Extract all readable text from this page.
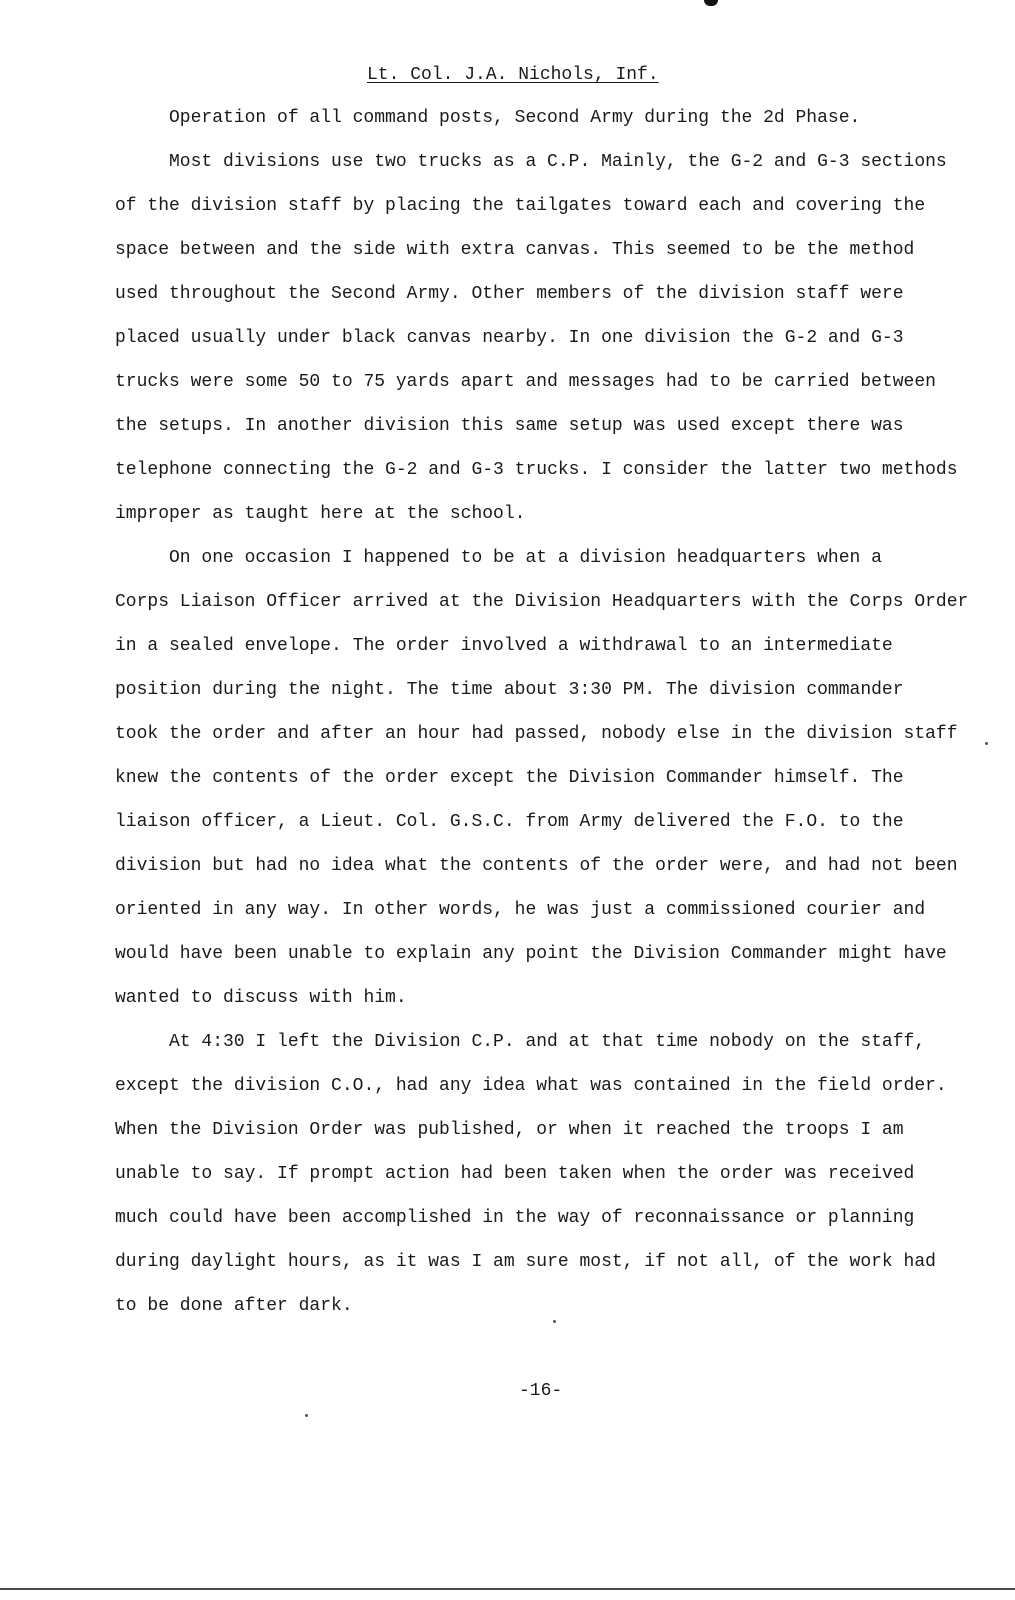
Lt. Col. J.A. Nichols, Inf.
Operation of all command posts, Second Army during the 2d Phase.
Most divisions use two trucks as a C.P. Mainly, the G-2 and G-3 sections
of the division staff by placing the tailgates toward each and covering the
space between and the side with extra canvas. This seemed to be the method
used throughout the Second Army. Other members of the division staff were
placed usually under black canvas nearby. In one division the G-2 and G-3
trucks were some 50 to 75 yards apart and messages had to be carried between
the setups. In another division this same setup was used except there was
telephone connecting the G-2 and G-3 trucks. I consider the latter two methods
improper as taught here at the school.
On one occasion I happened to be at a division headquarters when a
Corps Liaison Officer arrived at the Division Headquarters with the Corps Order
in a sealed envelope. The order involved a withdrawal to an intermediate
position during the night. The time about 3:30 PM. The division commander
took the order and after an hour had passed, nobody else in the division staff
knew the contents of the order except the Division Commander himself. The
liaison officer, a Lieut. Col. G.S.C. from Army delivered the F.O. to the
division but had no idea what the contents of the order were, and had not been
oriented in any way. In other words, he was just a commissioned courier and
would have been unable to explain any point the Division Commander might have
wanted to discuss with him.
At 4:30 I left the Division C.P. and at that time nobody on the staff,
except the division C.O., had any idea what was contained in the field order.
When the Division Order was published, or when it reached the troops I am
unable to say. If prompt action had been taken when the order was received
much could have been accomplished in the way of reconnaissance or planning
during daylight hours, as it was I am sure most, if not all, of the work had
to be done after dark.
-16-
